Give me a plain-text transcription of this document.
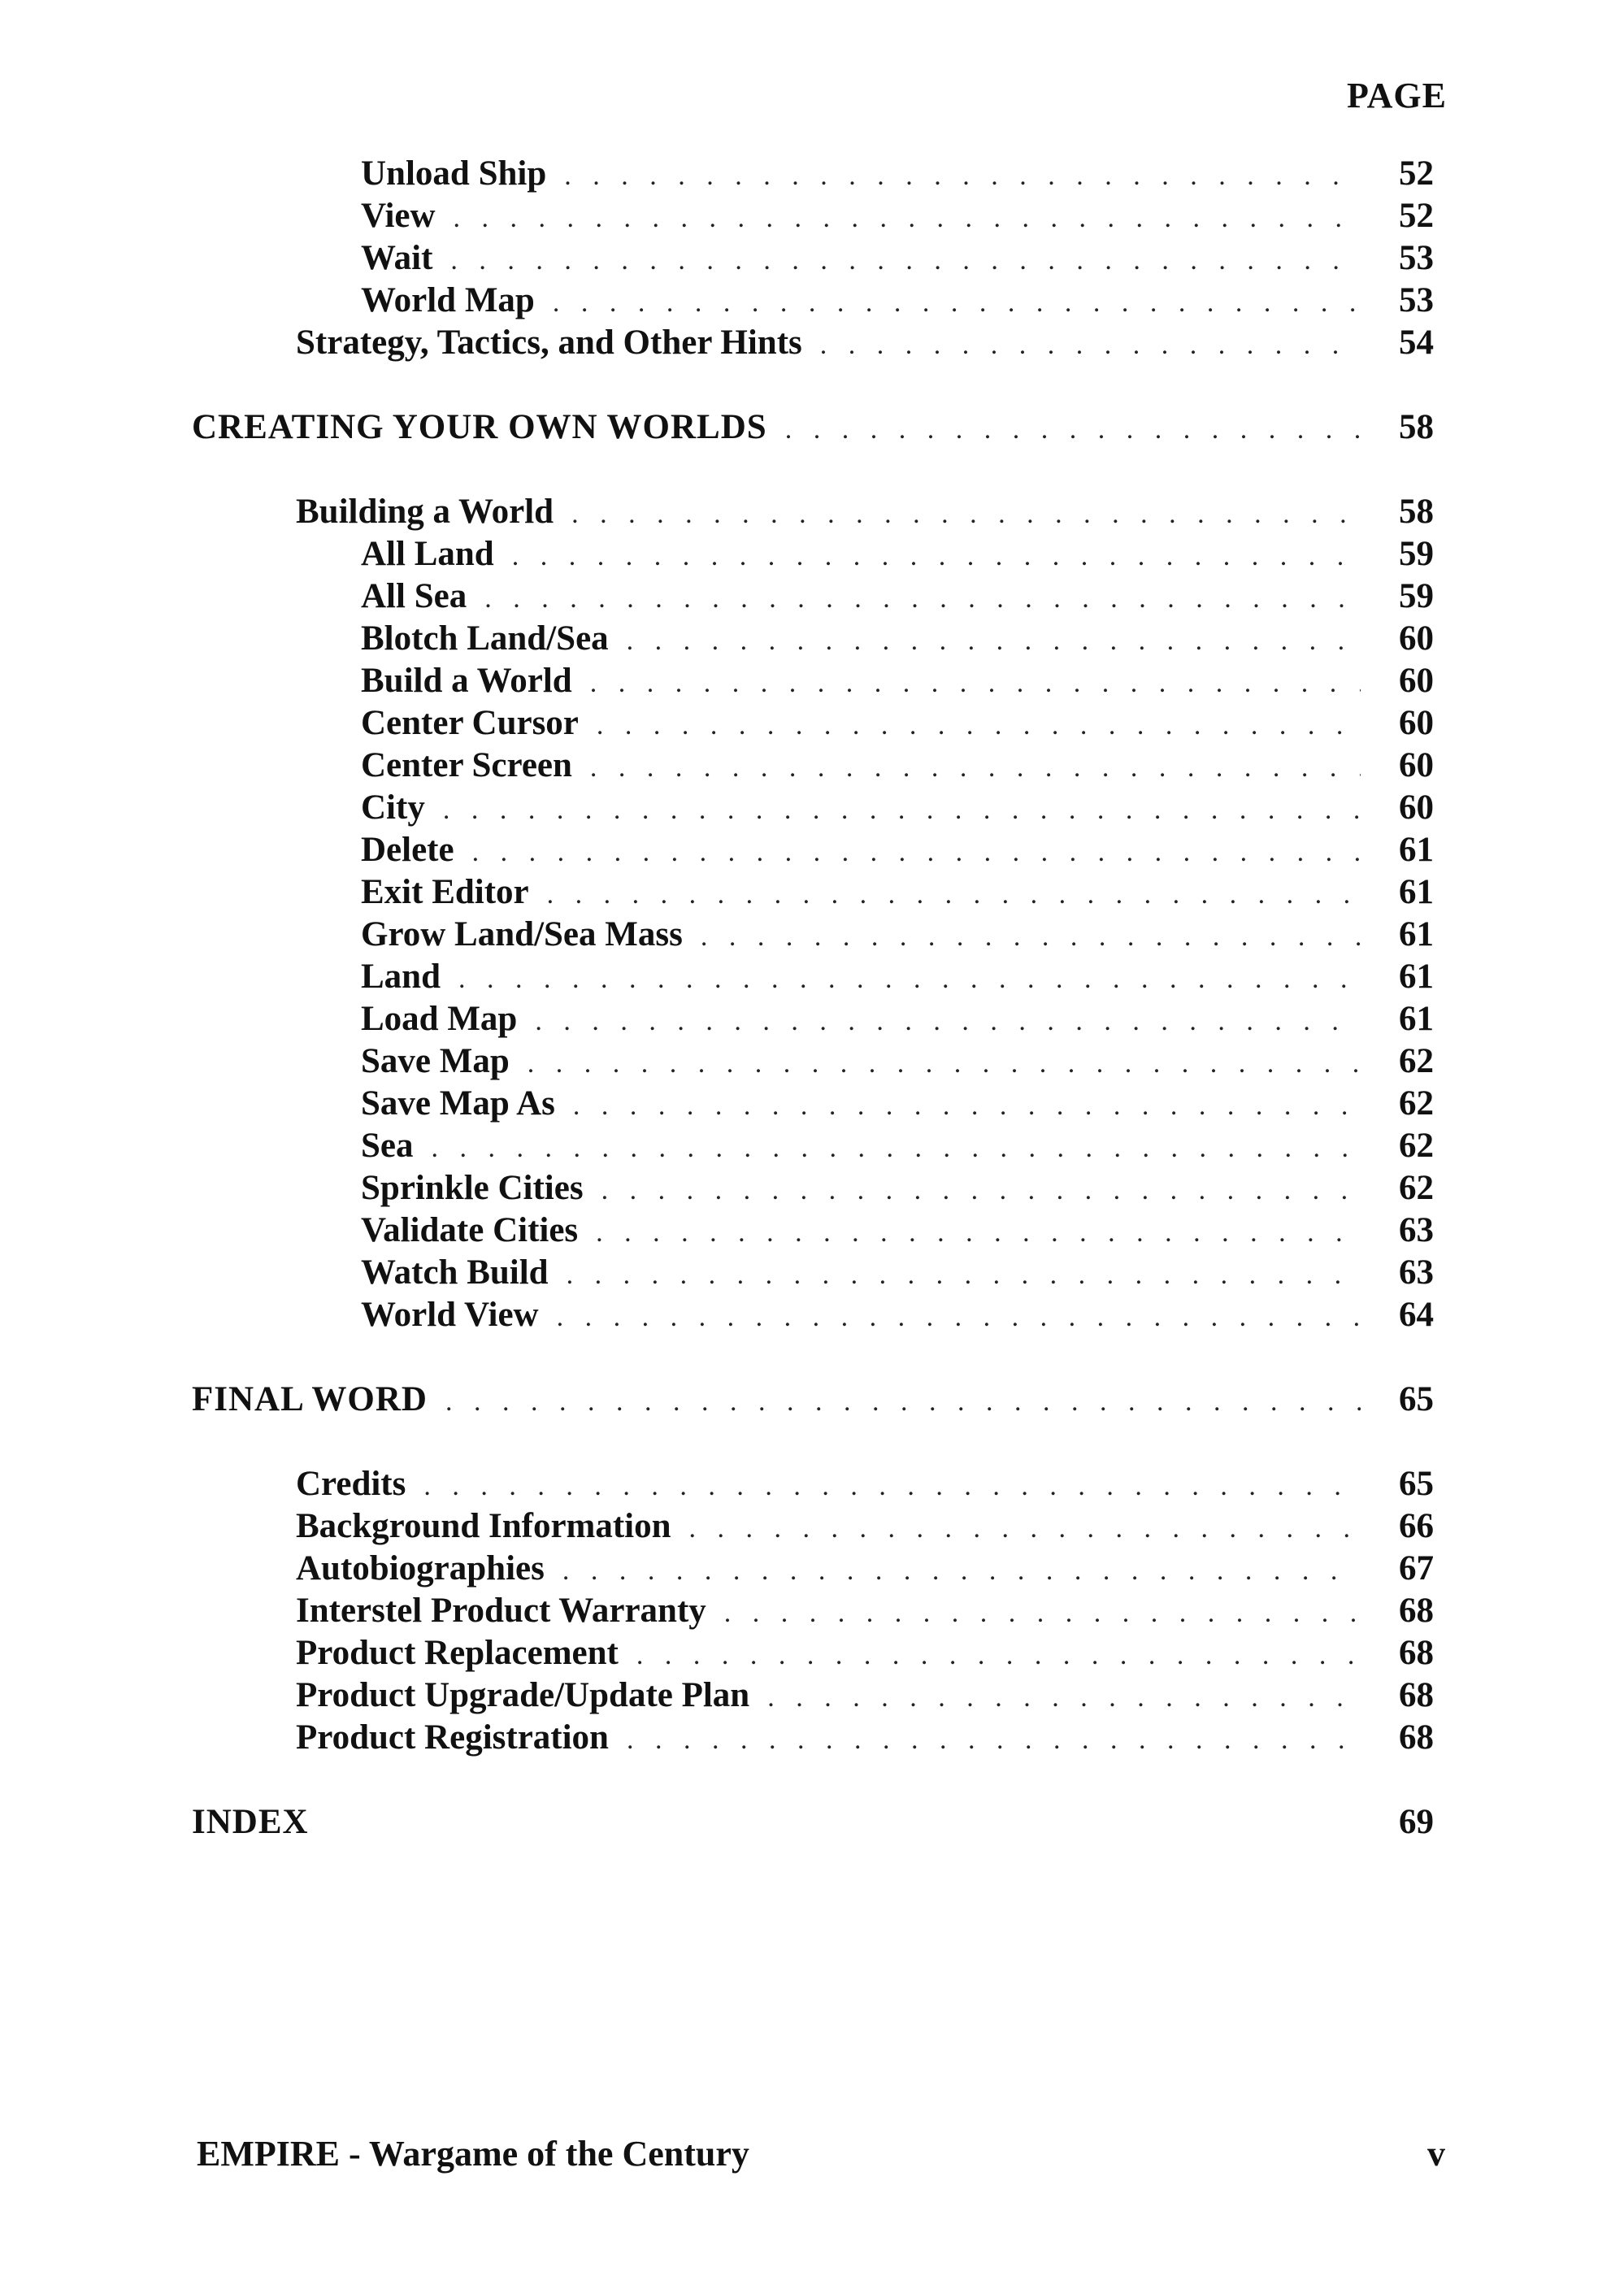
PAGE
Unload Ship . . .	52
View . . .	52
Wait . . .	53
World Map . . .	53
Strategy, Tactics, and Other Hints . . .	54
CREATING YOUR OWN WORLDS . . .	58
Building a World . . .	58
All Land . . .	59
All Sea . . .	59
Blotch Land/Sea . . .	60
Build a World . . .	60
Center Cursor . . .	60
Center Screen . . .	60
City . . .	60
Delete . . .	61
Exit Editor . . .	61
Grow Land/Sea Mass . . .	61
Land . . .	61
Load Map . . .	61
Save Map . . .	62
Save Map As . . .	62
Sea . . .	62
Sprinkle Cities . . .	62
Validate Cities . . .	63
Watch Build . . .	63
World View . . .	64
FINAL WORD . . .	65
Credits . . .	65
Background Information . . .	66
Autobiographies . . .	67
Interstel Product Warranty . . .	68
Product Replacement . . .	68
Product Upgrade/Update Plan . . .	68
Product Registration . . .	68
INDEX	69
EMPIRE - Wargame of the Century	v
